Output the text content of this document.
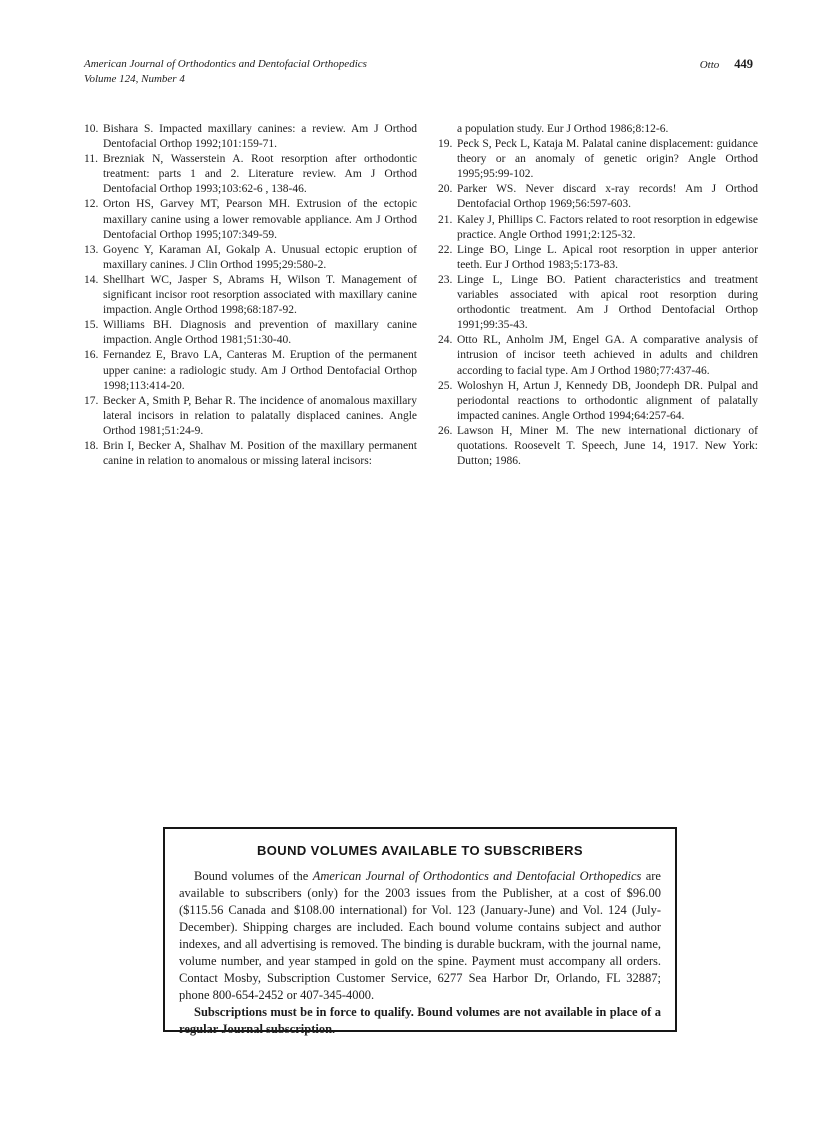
American Journal of Orthodontics and Dentofacial Orthopedics
Volume 124, Number 4
Otto 449
10. Bishara S. Impacted maxillary canines: a review. Am J Orthod Dentofacial Orthop 1992;101:159-71.
11. Brezniak N, Wasserstein A. Root resorption after orthodontic treatment: parts 1 and 2. Literature review. Am J Orthod Dentofacial Orthop 1993;103:62-6 , 138-46.
12. Orton HS, Garvey MT, Pearson MH. Extrusion of the ectopic maxillary canine using a lower removable appliance. Am J Orthod Dentofacial Orthop 1995;107:349-59.
13. Goyenc Y, Karaman AI, Gokalp A. Unusual ectopic eruption of maxillary canines. J Clin Orthod 1995;29:580-2.
14. Shellhart WC, Jasper S, Abrams H, Wilson T. Management of significant incisor root resorption associated with maxillary canine impaction. Angle Orthod 1998;68:187-92.
15. Williams BH. Diagnosis and prevention of maxillary canine impaction. Angle Orthod 1981;51:30-40.
16. Fernandez E, Bravo LA, Canteras M. Eruption of the permanent upper canine: a radiologic study. Am J Orthod Dentofacial Orthop 1998;113:414-20.
17. Becker A, Smith P, Behar R. The incidence of anomalous maxillary lateral incisors in relation to palatally displaced canines. Angle Orthod 1981;51:24-9.
18. Brin I, Becker A, Shalhav M. Position of the maxillary permanent canine in relation to anomalous or missing lateral incisors:
a population study. Eur J Orthod 1986;8:12-6.
19. Peck S, Peck L, Kataja M. Palatal canine displacement: guidance theory or an anomaly of genetic origin? Angle Orthod 1995;95:99-102.
20. Parker WS. Never discard x-ray records! Am J Orthod Dentofacial Orthop 1969;56:597-603.
21. Kaley J, Phillips C. Factors related to root resorption in edgewise practice. Angle Orthod 1991;2:125-32.
22. Linge BO, Linge L. Apical root resorption in upper anterior teeth. Eur J Orthod 1983;5:173-83.
23. Linge L, Linge BO. Patient characteristics and treatment variables associated with apical root resorption during orthodontic treatment. Am J Orthod Dentofacial Orthop 1991;99:35-43.
24. Otto RL, Anholm JM, Engel GA. A comparative analysis of intrusion of incisor teeth achieved in adults and children according to facial type. Am J Orthod 1980;77:437-46.
25. Woloshyn H, Artun J, Kennedy DB, Joondeph DR. Pulpal and periodontal reactions to orthodontic alignment of palatally impacted canines. Angle Orthod 1994;64:257-64.
26. Lawson H, Miner M. The new international dictionary of quotations. Roosevelt T. Speech, June 14, 1917. New York: Dutton; 1986.
BOUND VOLUMES AVAILABLE TO SUBSCRIBERS

Bound volumes of the American Journal of Orthodontics and Dentofacial Orthopedics are available to subscribers (only) for the 2003 issues from the Publisher, at a cost of $96.00 ($115.56 Canada and $108.00 international) for Vol. 123 (January-June) and Vol. 124 (July-December). Shipping charges are included. Each bound volume contains subject and author indexes, and all advertising is removed. The binding is durable buckram, with the journal name, volume number, and year stamped in gold on the spine. Payment must accompany all orders. Contact Mosby, Subscription Customer Service, 6277 Sea Harbor Dr, Orlando, FL 32887; phone 800-654-2452 or 407-345-4000.

Subscriptions must be in force to qualify. Bound volumes are not available in place of a regular Journal subscription.
